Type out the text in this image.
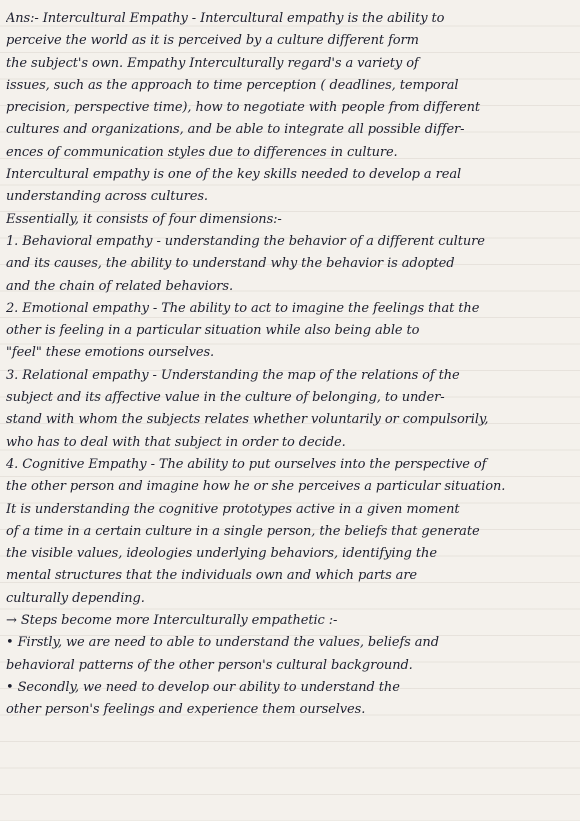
Ans:- Intercultural Empathy - Intercultural empathy is the ability to
perceive the world as it is perceived by a culture different form
the subject's own. Empathy Interculturally regard's a variety of
issues, such as the approach to time perception ( deadlines, temporal
precision, perspective time), how to negotiate with people from different
cultures and organizations, and be able to integrate all possible differ-
ences of communication styles due to differences in culture.
Intercultural empathy is one of the key skills needed to develop a real
understanding across cultures.
Essentially, it consists of four dimensions:-
1. Behavioral empathy - understanding the behavior of a different culture
and its causes, the ability to understand why the behavior is adopted
and the chain of related behaviors.
2. Emotional empathy - The ability to act to imagine the feelings that the
other is feeling in a particular situation while also being able to
"feel" these emotions ourselves.
3. Relational empathy - Understanding the map of the relations of the
subject and its affective value in the culture of belonging, to under-
stand with whom the subjects relates whether voluntarily or compulsorily,
who has to deal with that subject in order to decide.
4. Cognitive Empathy - The ability to put ourselves into the perspective of
the other person and imagine how he or she perceives a particular situation.
It is understanding the cognitive prototypes active in a given moment
of a time in a certain culture in a single person, the beliefs that generate
the visible values, ideologies underlying behaviors, identifying the
mental structures that the individuals own and which parts are
culturally depending.
→ Steps become more Interculturally empathetic :-
• Firstly, we are need to able to understand the values, beliefs and
behavioral patterns of the other person's cultural background.
• Secondly, we need to develop our ability to understand the
other person's feelings and experience them ourselves.
